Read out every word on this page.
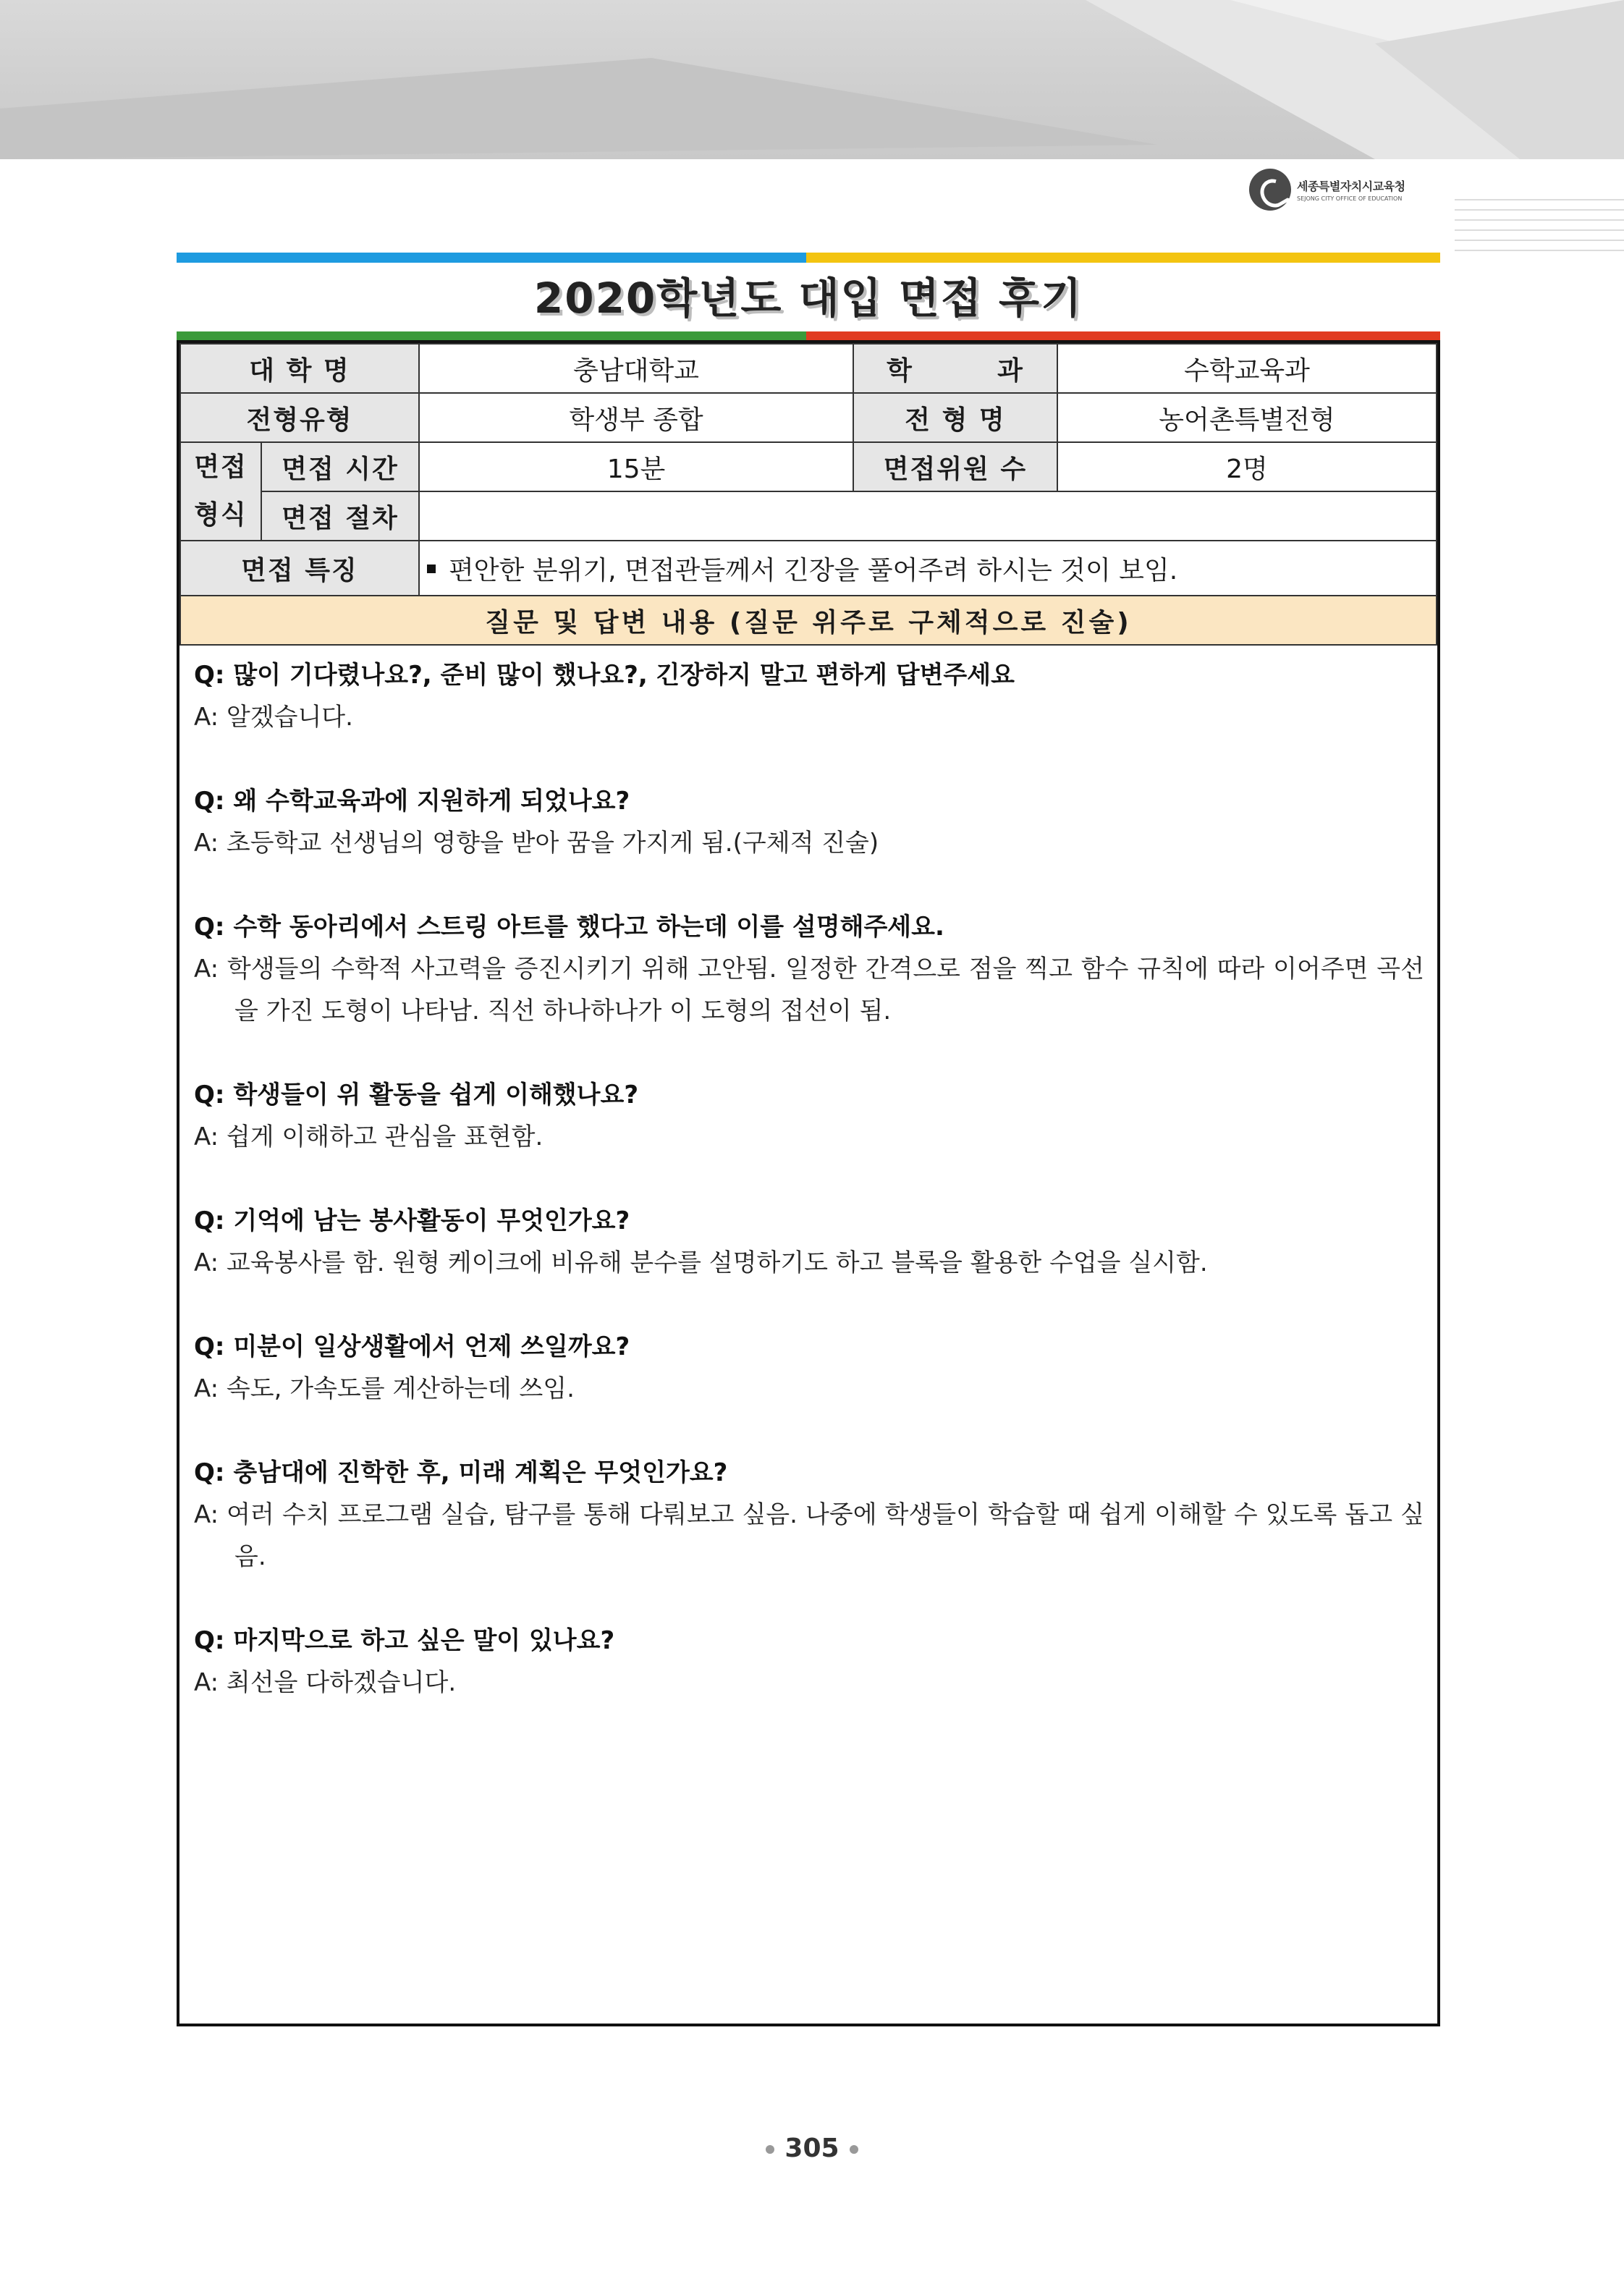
세종특별자치시교육청
SEJONG CITY OFFICE OF EDUCATION
2020학년도 대입 면접 후기
대 학 명		충남대학교	학        과	수학교육과
전형유형		학생부 종합	전 형 명	농어촌특별전형
면접
형식	면접 시간	15분	면접위원 수	2명
	면접 절차			
면접 특징		편안한 분위기, 면접관들께서 긴장을 풀어주려 하시는 것이 보임.		
질문 및 답변 내용 (질문 위주로 구체적으로 진술)				
Q: 많이 기다렸나요?, 준비 많이 했나요?, 긴장하지 말고 편하게 답변주세요
A: 알겠습니다.
Q: 왜 수학교육과에 지원하게 되었나요?
A: 초등학교 선생님의 영향을 받아 꿈을 가지게 됨.(구체적 진술)
Q: 수학 동아리에서 스트링 아트를 했다고 하는데 이를 설명해주세요.
A: 학생들의 수학적 사고력을 증진시키기 위해 고안됨. 일정한 간격으로 점을 찍고 함수 규칙에 따라 이어주면 곡선을 가진 도형이 나타남. 직선 하나하나가 이 도형의 접선이 됨.
Q: 학생들이 위 활동을 쉽게 이해했나요?
A: 쉽게 이해하고 관심을 표현함.
Q: 기억에 남는 봉사활동이 무엇인가요?
A: 교육봉사를 함. 원형 케이크에 비유해 분수를 설명하기도 하고 블록을 활용한 수업을 실시함.
Q: 미분이 일상생활에서 언제 쓰일까요?
A: 속도, 가속도를 계산하는데 쓰임.
Q: 충남대에 진학한 후, 미래 계획은 무엇인가요?
A: 여러 수치 프로그램 실습, 탐구를 통해 다뤄보고 싶음. 나중에 학생들이 학습할 때 쉽게 이해할 수 있도록 돕고 싶음.
Q: 마지막으로 하고 싶은 말이 있나요?
A: 최선을 다하겠습니다.
305
